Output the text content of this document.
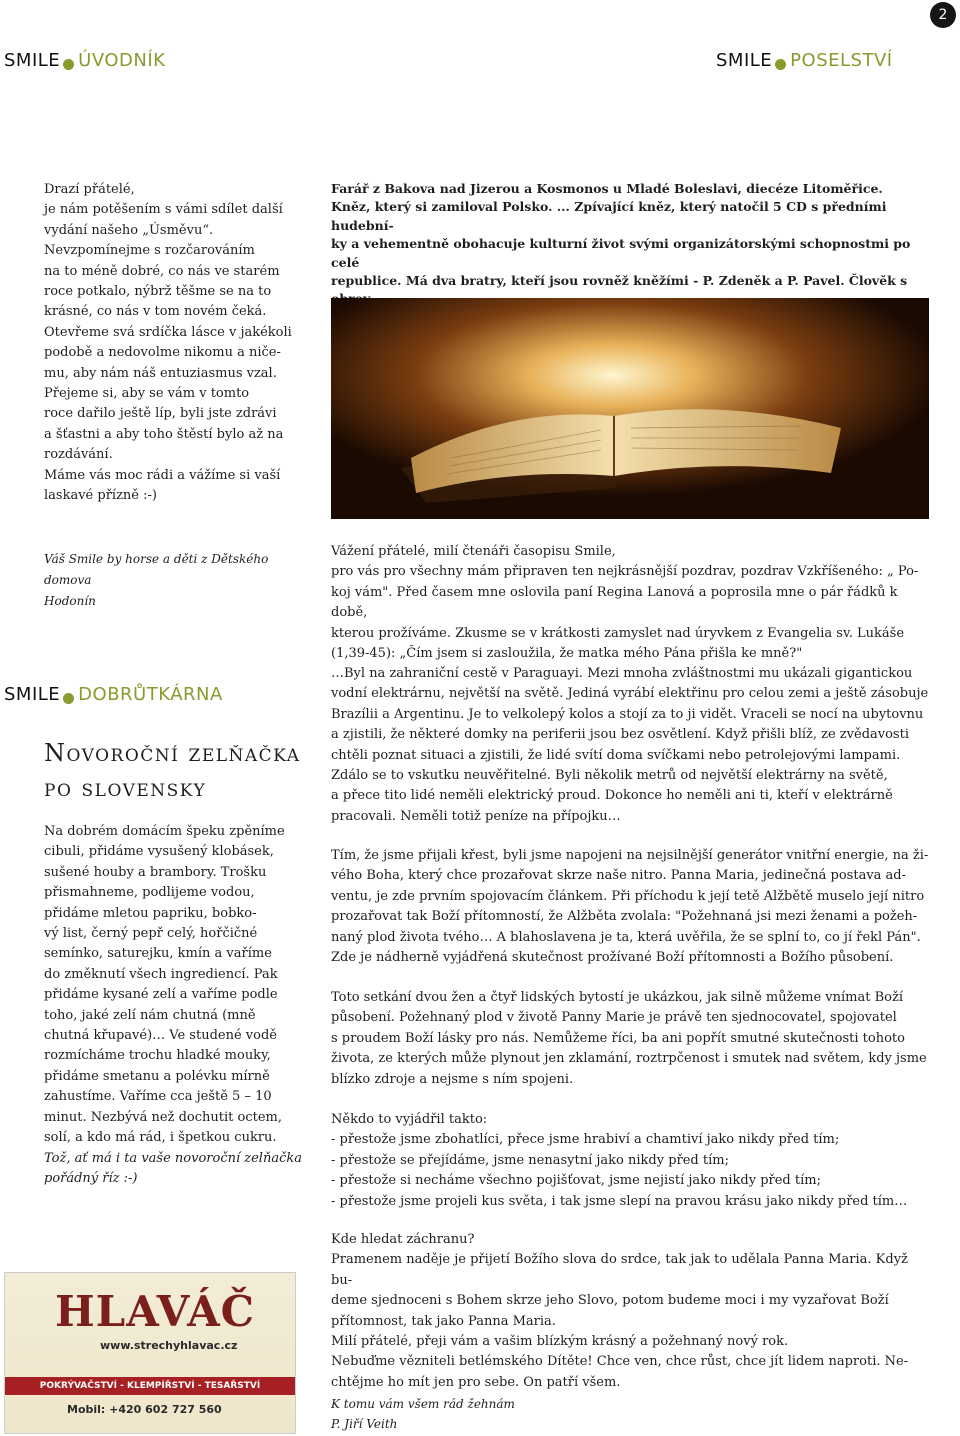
2
SMILE ÚVODNÍK	SMILE POSELSTVÍ
SMILE DOBRŮTKÁRNA

Drazí přátelé,

je nám potěšením s vámi sdílet další

vydání našeho „Úsměvu“.

Nevzpomínejme s rozčarováním

na to méně dobré, co nás ve starém

roce potkalo, nýbrž těšme se na to

krásné, co nás v tom novém čeká.

Otevřeme svá srdíčka lásce v jakékoli

podobě a nedovolme nikomu a niče-

mu, aby nám náš entuziasmus vzal.

Přejeme si, aby se vám v tomto

roce dařilo ještě líp, byli jste zdrávi

a šťastni a aby toho štěstí bylo až na

rozdávání.

Máme vás moc rádi a vážíme si vaší

laskavé přízně :-)

Váš Smile by horse a děti z Dětského domova

Hodonín

Novoroční zelňačka
po slovensky

Na dobrém domácím špeku zpěníme

cibuli, přidáme vysušený klobásek,

sušené houby a brambory. Trošku

přismahneme, podlijeme vodou,

přidáme mletou papriku, bobko-

vý list, černý pepř celý, hořčičné

semínko, saturejku, kmín a vaříme

do změknutí všech ingrediencí. Pak

přidáme kysané zelí a vaříme podle

toho, jaké zelí nám chutná (mně

chutná křupavé)… Ve studené vodě

rozmícháme trochu hladké mouky,

přidáme smetanu a polévku mírně

zahustíme. Vaříme cca ještě 5 – 10

minut. Nezbývá než dochutit octem,

solí, a kdo má rád, i špetkou cukru.

Tož, ať má i ta vaše novoroční zelňačka

pořádný říz :-)

HLAVÁČ
www.strechyhlavac.cz
POKRÝVAČSTVÍ - KLEMPÍŘSTVÍ - TESAŘSTVÍ
Mobil: +420 602 727 560
Farář z Bakova nad Jizerou a Kosmonos u Mladé Boleslavi, diecéze Litoměřice.
Kněz, který si zamiloval Polsko. ... Zpívající kněz, který natočil 5 CD s předními hudební-
ky a vehementně obohacuje kulturní život svými organizátorskými schopnostmi po celé
republice. Má dva bratry, kteří jsou rovněž kněžími - P. Zdeněk a P. Pavel. Člověk s

Vážení přátelé, milí čtenáři časopisu Smile,

pro vás pro všechny mám připraven ten nejkrásnější pozdrav, pozdrav Vzkříšeného: „ Po-

koj vám". Před časem mne oslovila paní Regina Lanová a poprosila mne o pár řádků k době,

kterou prožíváme. Zkusme se v krátkosti zamyslet nad úryvkem z Evangelia sv. Lukáše

(1,39-45): „Čím jsem si zasloužila, že matka mého Pána přišla ke mně?"

…Byl na zahraniční cestě v Paraguayi. Mezi mnoha zvláštnostmi mu ukázali gigantickou

vodní elektrárnu, největší na světě. Jediná vyrábí elektřinu pro celou zemi a ještě zásobuje

Brazílii a Argentinu. Je to velkolepý kolos a stojí za to ji vidět. Vraceli se nocí na ubytovnu

a zjistili, že některé domky na periferii jsou bez osvětlení. Když přišli blíž, ze zvědavosti

chtěli poznat situaci a zjistili, že lidé svítí doma svíčkami nebo petrolejovými lampami.

Zdálo se to vskutku neuvěřitelné. Byli několik metrů od největší elektrárny na světě,

a přece tito lidé neměli elektrický proud. Dokonce ho neměli ani ti, kteří v elektrárně

pracovali. Neměli totiž peníze na přípojku…

Tím, že jsme přijali křest, byli jsme napojeni na nejsilnější generátor vnitřní energie, na ži-

vého Boha, který chce prozařovat skrze naše nitro. Panna Maria, jedinečná postava ad-

ventu, je zde prvním spojovacím článkem. Při příchodu k její tetě Alžbětě muselo její nitro

prozařovat tak Boží přítomností, že Alžběta zvolala: "Požehnaná jsi mezi ženami a požeh-

naný plod života tvého… A blahoslavena je ta, která uvěřila, že se splní to, co jí řekl Pán".

Zde je nádherně vyjádřená skutečnost prožívané Boží přítomnosti a Božího působení.

Toto setkání dvou žen a čtyř lidských bytostí je ukázkou, jak silně můžeme vnímat Boží

působení. Požehnaný plod v životě Panny Marie je právě ten sjednocovatel, spojovatel

s proudem Boží lásky pro nás. Nemůžeme říci, ba ani popřít smutné skutečnosti tohoto

života, ze kterých může plynout jen zklamání, roztrpčenost i smutek nad světem, kdy jsme

blízko zdroje a nejsme s ním spojeni.

Někdo to vyjádřil takto:

- přestože jsme zbohatlíci, přece jsme hrabiví a chamtiví jako nikdy před tím;

- přestože se přejídáme, jsme nenasytní jako nikdy před tím;

- přestože si necháme všechno pojišťovat, jsme nejistí jako nikdy před tím;

- přestože jsme projeli kus světa, i tak jsme slepí na pravou krásu jako nikdy před tím…

Kde hledat záchranu?

Pramenem naděje je přijetí Božího slova do srdce, tak jak to udělala Panna Maria. Když bu-

deme sjednoceni s Bohem skrze jeho Slovo, potom budeme moci i my vyzařovat Boží

přítomnost, tak jako Panna Maria.

Milí přátelé, přeji vám a vašim blízkým krásný a požehnaný nový rok.

Nebuďme vězniteli betlémského Dítěte! Chce ven, chce růst, chce jít lidem naproti. Ne-

chtějme ho mít jen pro sebe. On patří všem.

K tomu vám všem rád žehnám

P. Jiří Veith
